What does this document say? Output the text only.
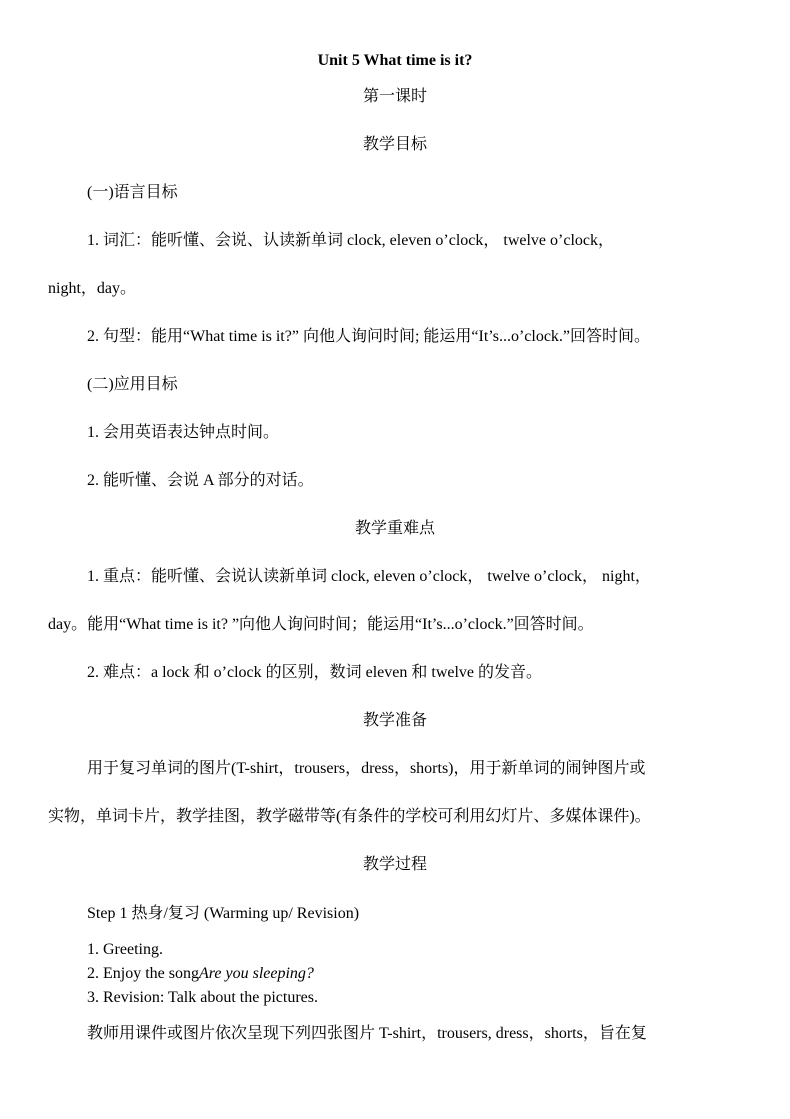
Unit 5 What time is it?
第一课时
教学目标
(一)语言目标
1. 词汇：能听懂、会说、认读新单词 clock, eleven o’clock， twelve o’clock，
night，day。
2. 句型：能用“What time is it?” 向他人询问时间; 能运用“It’s...o’clock.”回答时间。
(二)应用目标
1. 会用英语表达钟点时间。
2. 能听懂、会说 A 部分的对话。
教学重难点
1. 重点：能听懂、会说认读新单词 clock, eleven o’clock， twelve o’clock， night，
day。能用“What time is it? ”向他人询问时间；能运用“It’s...o’clock.”回答时间。
2. 难点：a lock 和 o’clock 的区别，数词 eleven 和 twelve 的发音。
教学准备
用于复习单词的图片(T-shirt，trousers，dress，shorts)，用于新单词的闹钟图片或
实物，单词卡片，教学挂图，教学磁带等(有条件的学校可利用幻灯片、多媒体课件)。
教学过程
Step 1 热身/复习 (Warming up/ Revision)
1. Greeting.
2. Enjoy the songAre you sleeping?
3. Revision: Talk about the pictures.
教师用课件或图片依次呈现下列四张图片 T-shirt，trousers, dress，shorts，旨在复
